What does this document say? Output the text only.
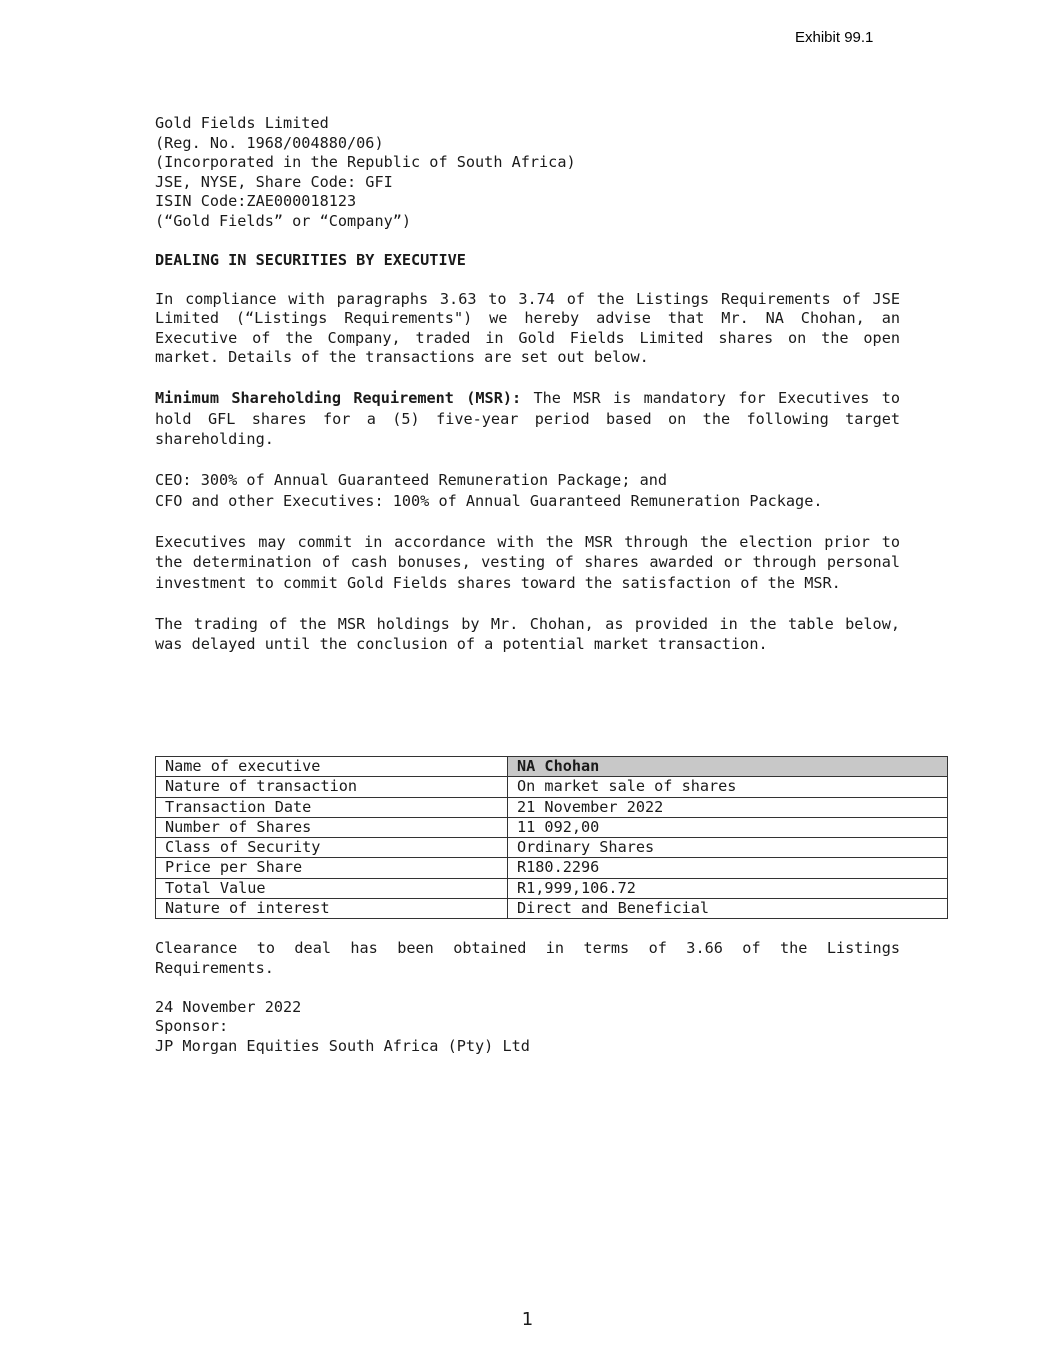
Exhibit 99.1
Gold Fields Limited
(Reg. No. 1968/004880/06)
(Incorporated in the Republic of South Africa)
JSE, NYSE, Share Code: GFI
ISIN Code:ZAE000018123
(“Gold Fields” or “Company”)
DEALING IN SECURITIES BY EXECUTIVE
In compliance with paragraphs 3.63 to 3.74 of the Listings Requirements of JSE Limited (“Listings Requirements") we hereby advise that Mr. NA Chohan, an Executive of the Company, traded in Gold Fields Limited shares on the open market. Details of the transactions are set out below.
Minimum Shareholding Requirement (MSR): The MSR is mandatory for Executives to hold GFL shares for a (5) five-year period based on the following target shareholding.
CEO: 300% of Annual Guaranteed Remuneration Package; and
CFO and other Executives: 100% of Annual Guaranteed Remuneration Package.
Executives may commit in accordance with the MSR through the election prior to the determination of cash bonuses, vesting of shares awarded or through personal investment to commit Gold Fields shares toward the satisfaction of the MSR.
The trading of the MSR holdings by Mr. Chohan, as provided in the table below, was delayed until the conclusion of a potential market transaction.
Name of executive	NA Chohan
Nature of transaction	On market sale of shares
Transaction Date	21 November 2022
Number of Shares	11 092,00
Class of Security	Ordinary Shares
Price per Share	R180.2296
Total Value	R1,999,106.72
Nature of interest	Direct and Beneficial
Clearance to deal has been obtained in terms of 3.66 of the Listings Requirements.
24 November 2022
Sponsor:
JP Morgan Equities South Africa (Pty) Ltd
1
